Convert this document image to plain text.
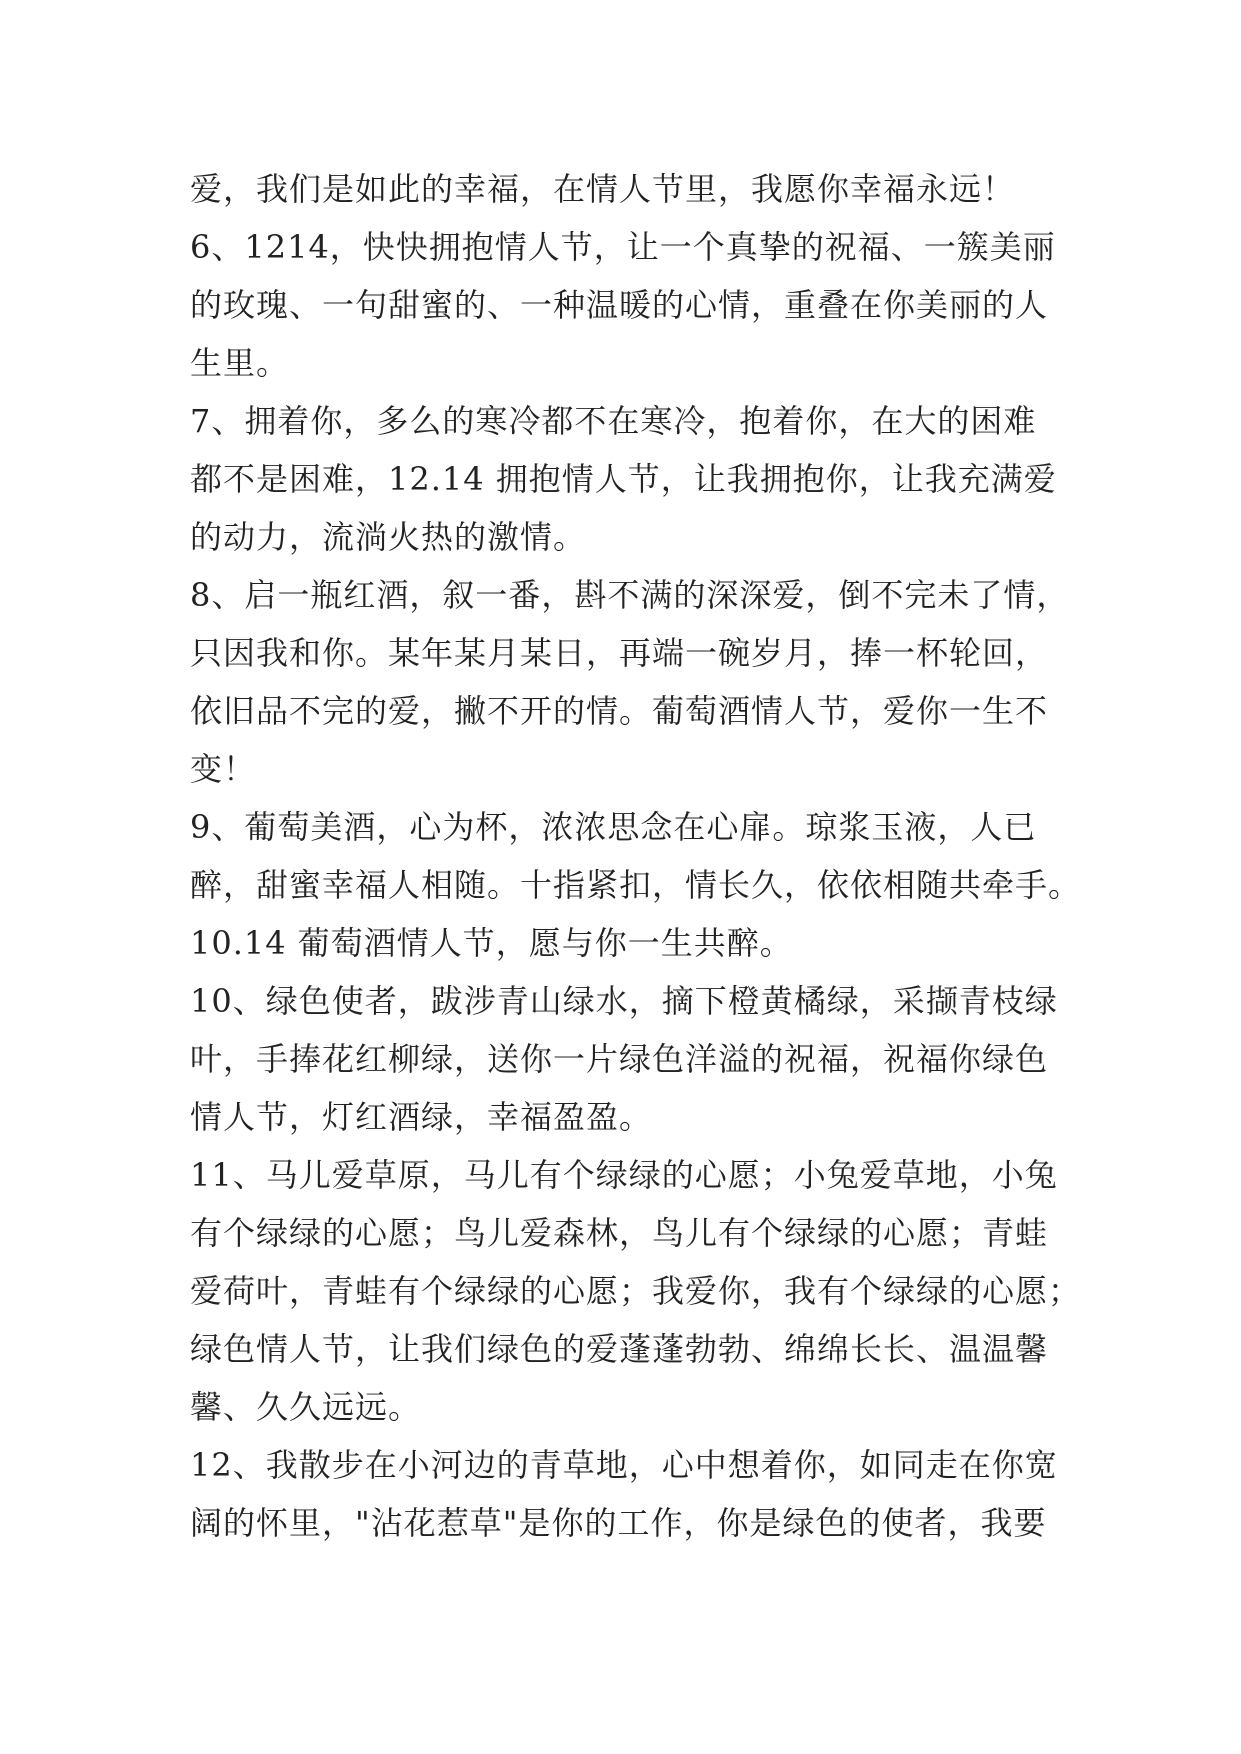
爱，我们是如此的幸福，在情人节里，我愿你幸福永远！
6、1214，快快拥抱情人节，让一个真挚的祝福、一簇美丽
的玫瑰、一句甜蜜的、一种温暖的心情，重叠在你美丽的人
生里。
7、拥着你，多么的寒冷都不在寒冷，抱着你，在大的困难
都不是困难，12.14 拥抱情人节，让我拥抱你，让我充满爱
的动力，流淌火热的激情。
8、启一瓶红酒，叙一番，斟不满的深深爱，倒不完未了情，
只因我和你。某年某月某日，再端一碗岁月，捧一杯轮回，
依旧品不完的爱，撇不开的情。葡萄酒情人节，爱你一生不
变！
9、葡萄美酒，心为杯，浓浓思念在心扉。琼浆玉液，人已
醉，甜蜜幸福人相随。十指紧扣，情长久，依依相随共牵手。
10.14 葡萄酒情人节，愿与你一生共醉。
10、绿色使者，跋涉青山绿水，摘下橙黄橘绿，采撷青枝绿
叶，手捧花红柳绿，送你一片绿色洋溢的祝福，祝福你绿色
情人节，灯红酒绿，幸福盈盈。
11、马儿爱草原，马儿有个绿绿的心愿；小兔爱草地，小兔
有个绿绿的心愿；鸟儿爱森林，鸟儿有个绿绿的心愿；青蛙
爱荷叶，青蛙有个绿绿的心愿；我爱你，我有个绿绿的心愿；
绿色情人节，让我们绿色的爱蓬蓬勃勃、绵绵长长、温温馨
馨、久久远远。
12、我散步在小河边的青草地，心中想着你，如同走在你宽
阔的怀里，"沾花惹草"是你的工作，你是绿色的使者，我要
